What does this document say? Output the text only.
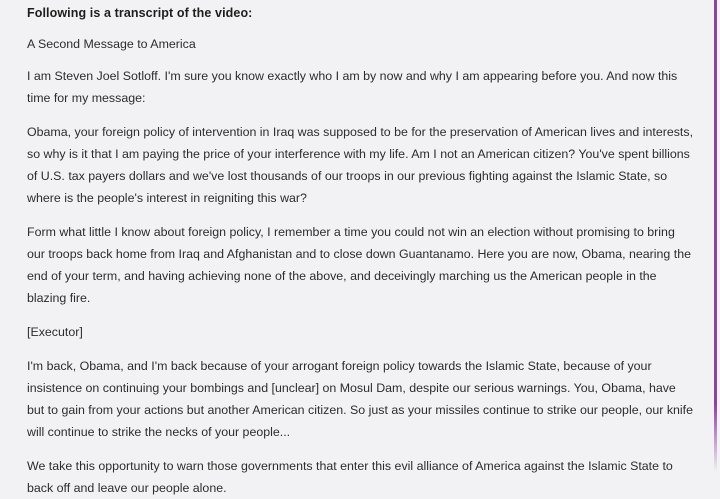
Following is a transcript of the video:

A Second Message to America

I am Steven Joel Sotloff. I'm sure you know exactly who I am by now and why I am appearing before you. And now this time for my message:

Obama, your foreign policy of intervention in Iraq was supposed to be for the preservation of American lives and interests, so why is it that I am paying the price of your interference with my life. Am I not an American citizen? You've spent billions of U.S. tax payers dollars and we've lost thousands of our troops in our previous fighting against the Islamic State, so where is the people's interest in reigniting this war?

Form what little I know about foreign policy, I remember a time you could not win an election without promising to bring our troops back home from Iraq and Afghanistan and to close down Guantanamo. Here you are now, Obama, nearing the end of your term, and having achieving none of the above, and deceivingly marching us the American people in the blazing fire.

[Executor]

I'm back, Obama, and I'm back because of your arrogant foreign policy towards the Islamic State, because of your insistence on continuing your bombings and [unclear] on Mosul Dam, despite our serious warnings. You, Obama, have but to gain from your actions but another American citizen. So just as your missiles continue to strike our people, our knife will continue to strike the necks of your people...

We take this opportunity to warn those governments that enter this evil alliance of America against the Islamic State to back off and leave our people alone.
